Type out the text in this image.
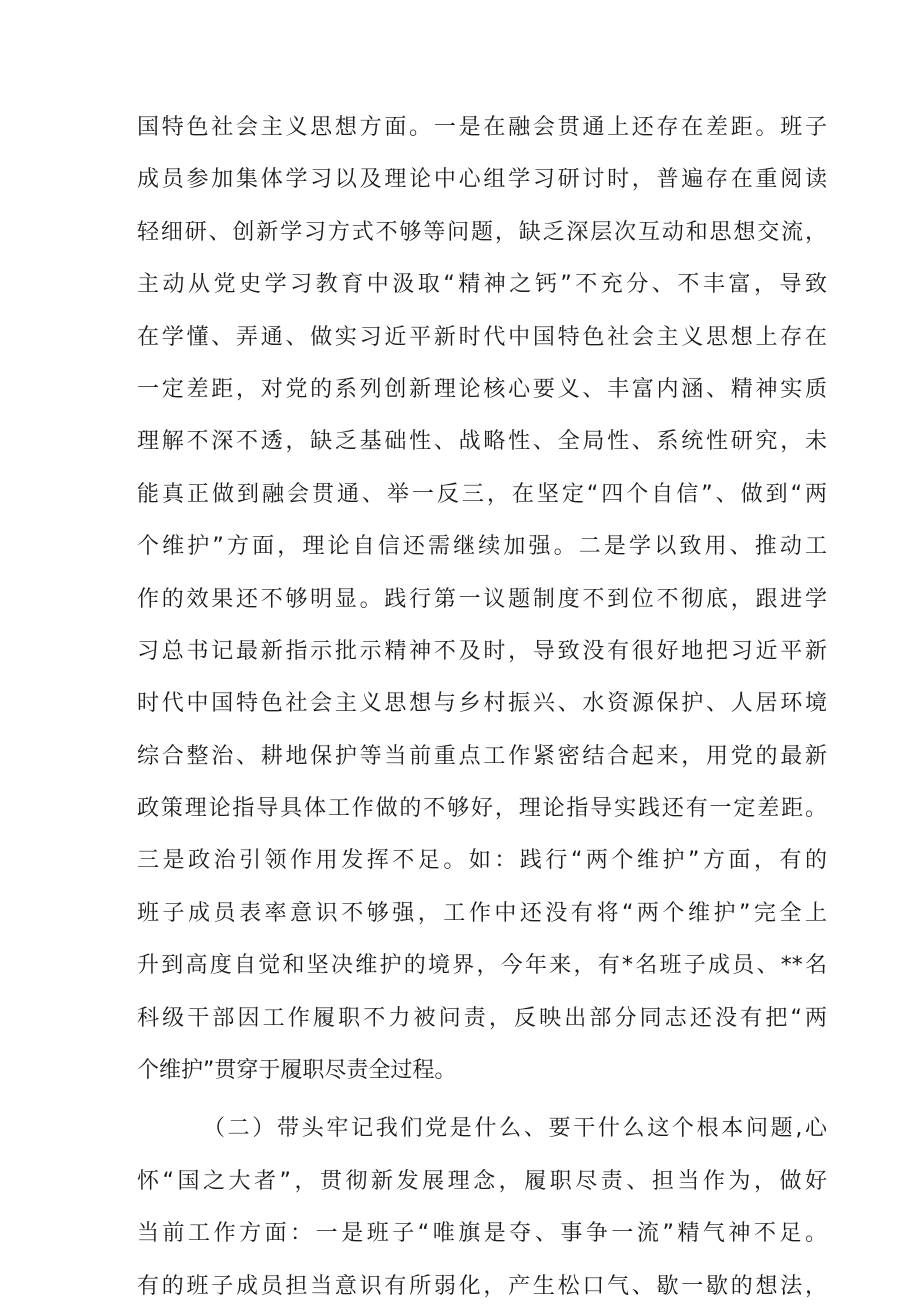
国特色社会主义思想方面。一是在融会贯通上还存在差距。班子
成员参加集体学习以及理论中心组学习研讨时，普遍存在重阅读
轻细研、创新学习方式不够等问题，缺乏深层次互动和思想交流，
主动从党史学习教育中汲取“精神之钙”不充分、不丰富，导致
在学懂、弄通、做实习近平新时代中国特色社会主义思想上存在
一定差距，对党的系列创新理论核心要义、丰富内涵、精神实质
理解不深不透，缺乏基础性、战略性、全局性、系统性研究，未
能真正做到融会贯通、举一反三，在坚定“四个自信”、做到“两
个维护”方面，理论自信还需继续加强。二是学以致用、推动工
作的效果还不够明显。践行第一议题制度不到位不彻底，跟进学
习总书记最新指示批示精神不及时，导致没有很好地把习近平新
时代中国特色社会主义思想与乡村振兴、水资源保护、人居环境
综合整治、耕地保护等当前重点工作紧密结合起来，用党的最新
政策理论指导具体工作做的不够好，理论指导实践还有一定差距。
三是政治引领作用发挥不足。如：践行“两个维护”方面，有的
班子成员表率意识不够强，工作中还没有将“两个维护”完全上
升到高度自觉和坚决维护的境界，今年来，有*名班子成员、**名
科级干部因工作履职不力被问责，反映出部分同志还没有把“两
个维护”贯穿于履职尽责全过程。
（二）带头牢记我们党是什么、要干什么这个根本问题,心
怀“国之大者”，贯彻新发展理念，履职尽责、担当作为，做好
当前工作方面：一是班子“唯旗是夺、事争一流”精气神不足。
有的班子成员担当意识有所弱化，产生松口气、歇一歇的想法，
